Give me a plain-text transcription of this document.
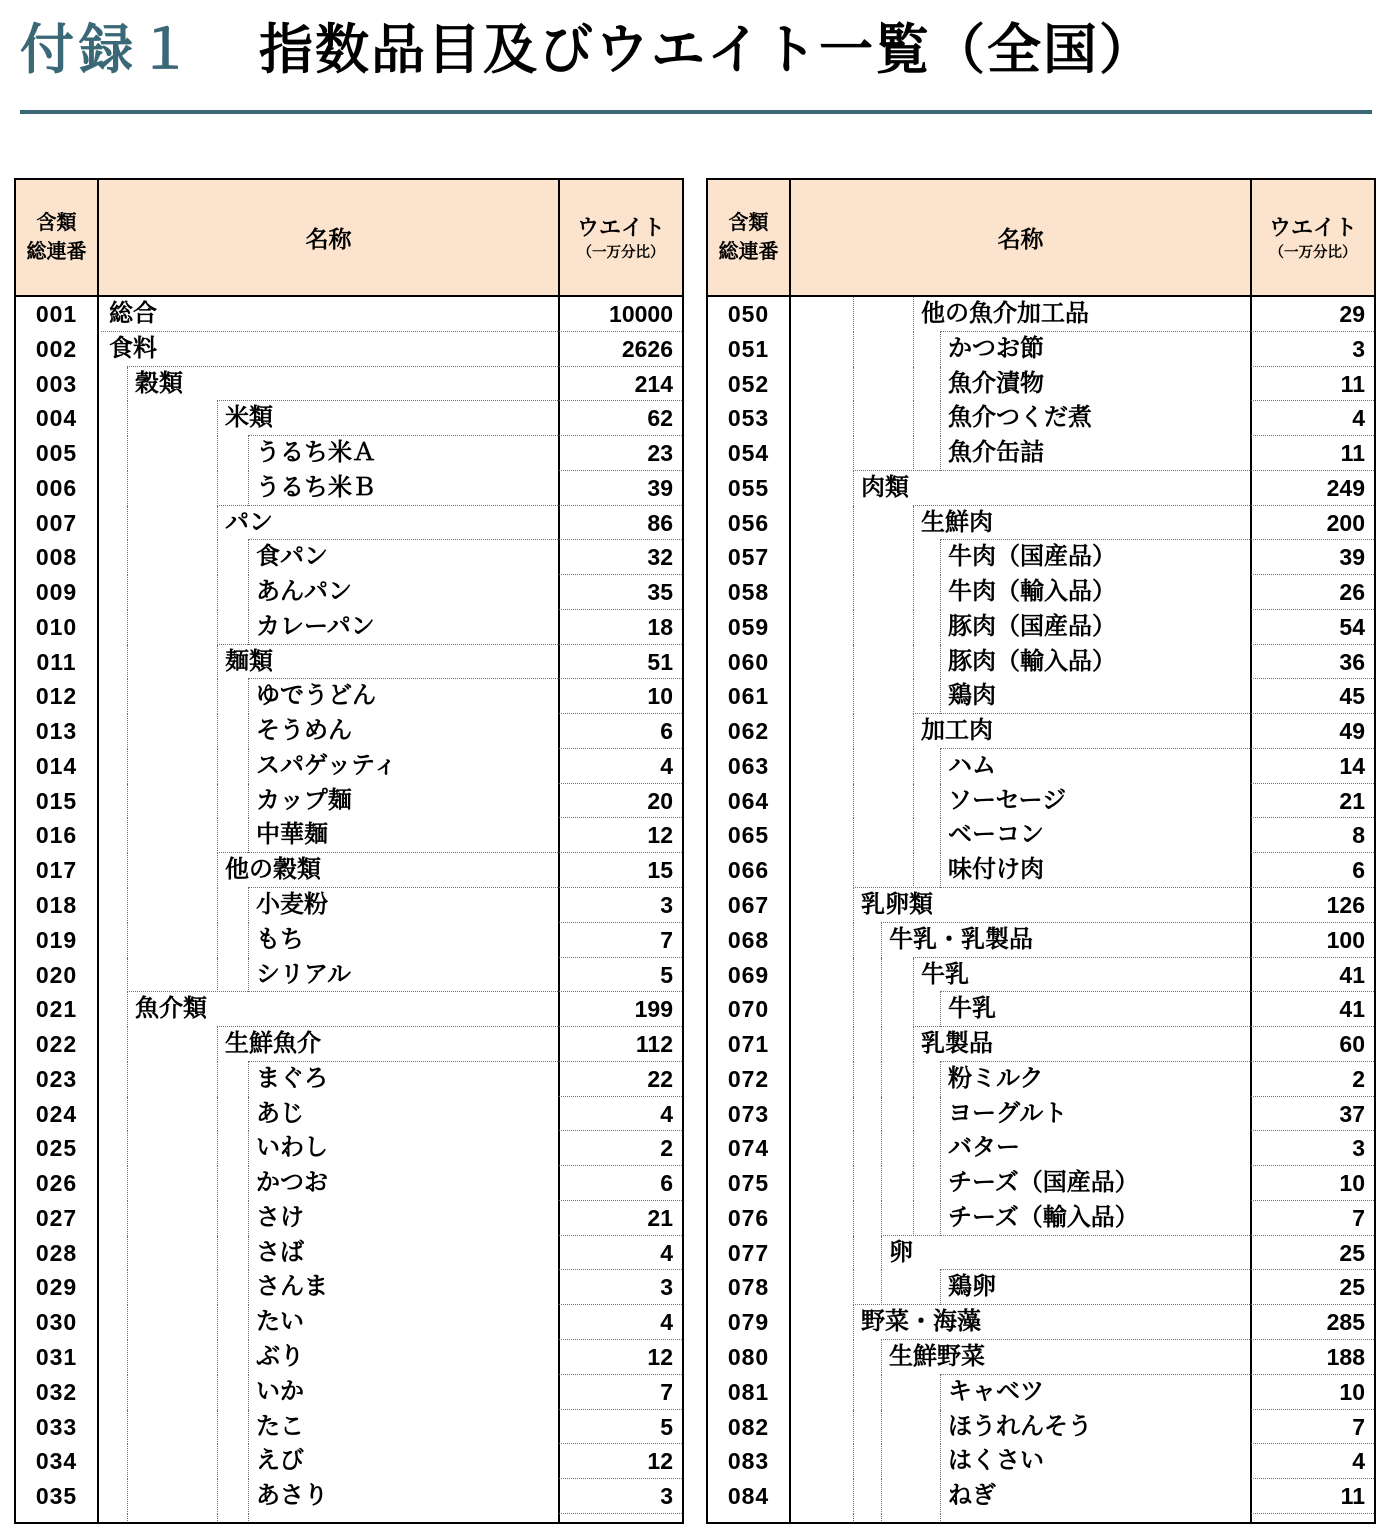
付録１ 指数品目及びウエイト一覧（全国）
含類
総連番	名称	ウエイト
（一万分比）
001	総合	10000
002	食料	2626
003	穀類	214
004	米類	62
005	うるち米Ａ	23
006	うるち米Ｂ	39
007	パン	86
008	食パン	32
009	あんパン	35
010	カレーパン	18
011	麺類	51
012	ゆでうどん	10
013	そうめん	6
014	スパゲッティ	4
015	カップ麺	20
016	中華麺	12
017	他の穀類	15
018	小麦粉	3
019	もち	7
020	シリアル	5
021	魚介類	199
022	生鮮魚介	112
023	まぐろ	22
024	あじ	4
025	いわし	2
026	かつお	6
027	さけ	21
028	さば	4
029	さんま	3
030	たい	4
031	ぶり	12
032	いか	7
033	たこ	5
034	えび	12
035	あさり	3
含類
総連番	名称	ウエイト
（一万分比）
050	他の魚介加工品	29
051	かつお節	3
052	魚介漬物	11
053	魚介つくだ煮	4
054	魚介缶詰	11
055	肉類	249
056	生鮮肉	200
057	牛肉（国産品）	39
058	牛肉（輸入品）	26
059	豚肉（国産品）	54
060	豚肉（輸入品）	36
061	鶏肉	45
062	加工肉	49
063	ハム	14
064	ソーセージ	21
065	ベーコン	8
066	味付け肉	6
067	乳卵類	126
068	牛乳・乳製品	100
069	牛乳	41
070	牛乳	41
071	乳製品	60
072	粉ミルク	2
073	ヨーグルト	37
074	バター	3
075	チーズ（国産品）	10
076	チーズ（輸入品）	7
077	卵	25
078	鶏卵	25
079	野菜・海藻	285
080	生鮮野菜	188
081	キャベツ	10
082	ほうれんそう	7
083	はくさい	4
084	ねぎ	11
